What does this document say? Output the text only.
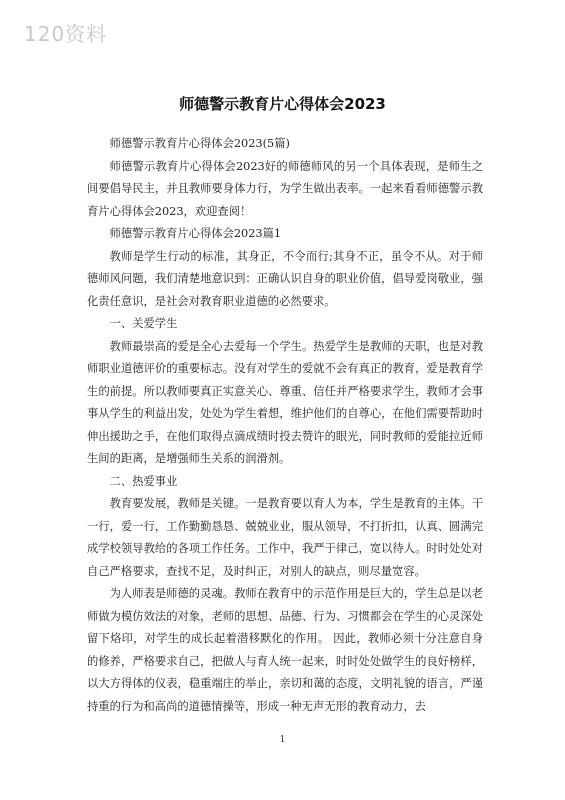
120资料
师德警示教育片心得体会2023

师德警示教育片心得体会2023(5篇)

师德警示教育片心得体会2023好的师德师风的另一个具体表现，是师生之间要倡导民主，并且教师要身体力行，为学生做出表率。一起来看看师德警示教育片心得体会2023，欢迎查阅！

师德警示教育片心得体会2023篇1

教师是学生行动的标准，其身正，不令而行;其身不正，虽令不从。对于师德师风问题，我们清楚地意识到：正确认识自身的职业价值，倡导爱岗敬业，强化责任意识，是社会对教育职业道德的必然要求。

一、关爱学生

教师最崇高的爱是全心去爱每一个学生。热爱学生是教师的天职，也是对教师职业道德评价的重要标志。没有对学生的爱就不会有真正的教育，爱是教育学生的前提。所以教师要真正实意关心、尊重、信任并严格要求学生，教师才会事事从学生的利益出发，处处为学生着想，维护他们的自尊心，在他们需要帮助时伸出援助之手，在他们取得点滴成绩时投去赞许的眼光，同时教师的爱能拉近师生间的距离，是增强师生关系的润滑剂。

二、热爱事业

教育要发展，教师是关键。一是教育要以育人为本，学生是教育的主体。干一行，爱一行，工作勤勤恳恳、兢兢业业，服从领导，不打折扣，认真、圆满完成学校领导教给的各项工作任务。工作中，我严于律己，宽以待人。时时处处对自己严格要求，查找不足，及时纠正，对别人的缺点，则尽量宽容。

为人师表是师德的灵魂。教师在教育中的示范作用是巨大的，学生总是以老师做为模仿效法的对象，老师的思想、品德、行为、习惯都会在学生的心灵深处留下烙印，对学生的成长起着潜移默化的作用。 因此，教师必须十分注意自身的修养，严格要求自己，把做人与育人统一起来，时时处处做学生的良好榜样，以大方得体的仪表，稳重端庄的举止，亲切和蔼的态度，文明礼貌的语言，严谨持重的行为和高尚的道德情操等，形成一种无声无形的教育动力，去

1
